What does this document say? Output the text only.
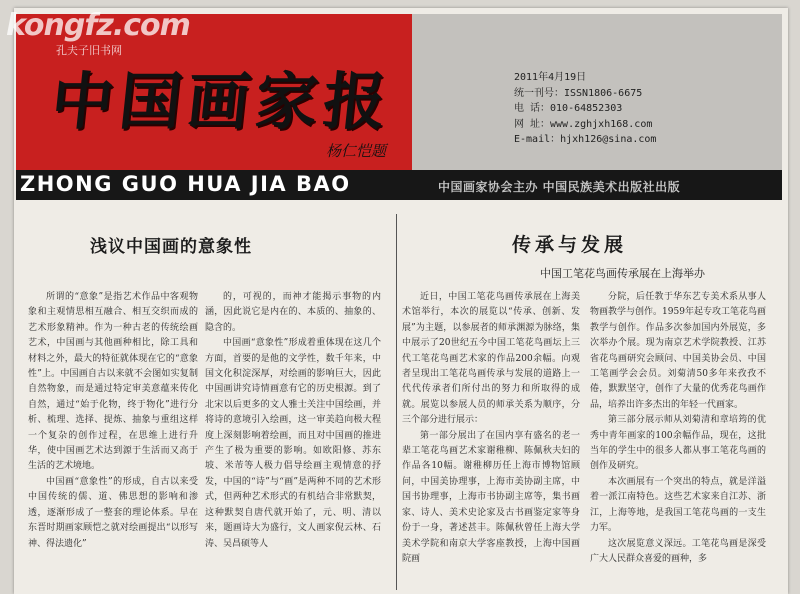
中国画家报
杨仁恺题
kongfz.com
孔夫子旧书网
2011年4月19日
统一刊号：ISSN1806-6675
电 话：010-64852303
网 址：www.zghjxh168.com
E-mail：hjxh126@sina.com
ZHONG GUO HUA JIA BAO	中国画家协会主办 中国民族美术出版社出版
浅议中国画的意象性	传承与发展
中国工笔花鸟画传承展在上海举办

所谓的“意象”是指艺术作品中客观物象和主观情思相互融合、相互交织而成的艺术形象精神。作为一种古老的传统绘画艺术，中国画与其他画种相比，除工具和材料之外，最大的特征就体现在它的“意象性”上。中国画自古以来就不会图如实复制自然物象，而是通过特定审美意蕴来传化自然，通过“始于化物，终于物化”进行分析、梳理、选择、提炼、抽象与重组这样一个复杂的创作过程，在思维上进行升华，使中国画艺术达到源于生活而又高于生活的艺术境地。

中国画“意象性”的形成，自古以来受中国传统的儒、道、佛思想的影响和渗透，逐渐形成了一整套的理论体系。早在东晋时期画家顾恺之就对绘画提出“以形写神、得法遗化”

的，可视的，而神才能揭示事物的内涵，因此说它是内在的、本质的、抽象的、隐含的。

中国画“意象性”形成着重体现在这几个方面，首要的是他的文学性，数千年来，中国文化积淀深厚，对绘画的影响巨大，因此中国画讲究诗情画意有它的历史根源。到了北宋以后更多的文人雅士关注中国绘画，并将诗的意境引入绘画，这一审美趋向极大程度上深刻影响着绘画，而且对中国画的推进产生了极为重要的影响。如欧阳修、苏东坡、米芾等人极力倡导绘画主观情意的抒发，中国的“诗”与“画”是两种不同的艺术形式，但两种艺术形式的有机结合非常默契，这种默契自唐代就开始了，元、明、清以来，题画诗大为盛行，文人画家倪云林、石涛、吴昌硕等人

近日，中国工笔花鸟画传承展在上海美术馆举行，本次的展览以“传承、创新、发展”为主题，以参展者的师承渊源为脉络，集中展示了20世纪五今中国工笔花鸟画坛上三代工笔花鸟画艺术家的作品200余幅。向观者呈现出工笔花鸟画传承与发展的道路上一代代传承者们所付出的努力和所取得的成就。展览以参展人员的师承关系为顺序，分三个部分进行展示：

第一部分展出了在国内享有盛名的老一辈工笔花鸟画艺术家谢稚柳、陈佩秋夫妇的作品各10幅。谢稚柳历任上海市博物馆顾问，中国美协理事，上海市美协副主席，中国书协理事，上海市书协副主席等，集书画家、诗人、美术史论家及古书画鉴定家等身份于一身，著述甚丰。陈佩秋曾任上海大学美术学院和南京大学客座教授，上海中国画院画

分院，后任教于华东艺专美术系从事人物画教学与创作。1959年起专攻工笔花鸟画教学与创作。作品多次参加国内外展览，多次举办个展。现为南京艺术学院教授、江苏省花鸟画研究会顾问、中国美协会员、中国工笔画学会会员。刘菊清50多年来孜孜不倦，默默坚守，创作了大量的优秀花鸟画作品，培养出许多杰出的年轻一代画家。

第三部分展示师从刘菊清和章培筠的优秀中青年画家的100余幅作品，现在，这批当年的学生中的很多人都从事工笔花鸟画的创作及研究。

本次画展有一个突出的特点，就是洋溢着一派江南特色。这些艺术家来自江苏、浙江，上海等地，是我国工笔花鸟画的一支生力军。

这次展览意义深远。工笔花鸟画是深受广大人民群众喜爱的画种，多
